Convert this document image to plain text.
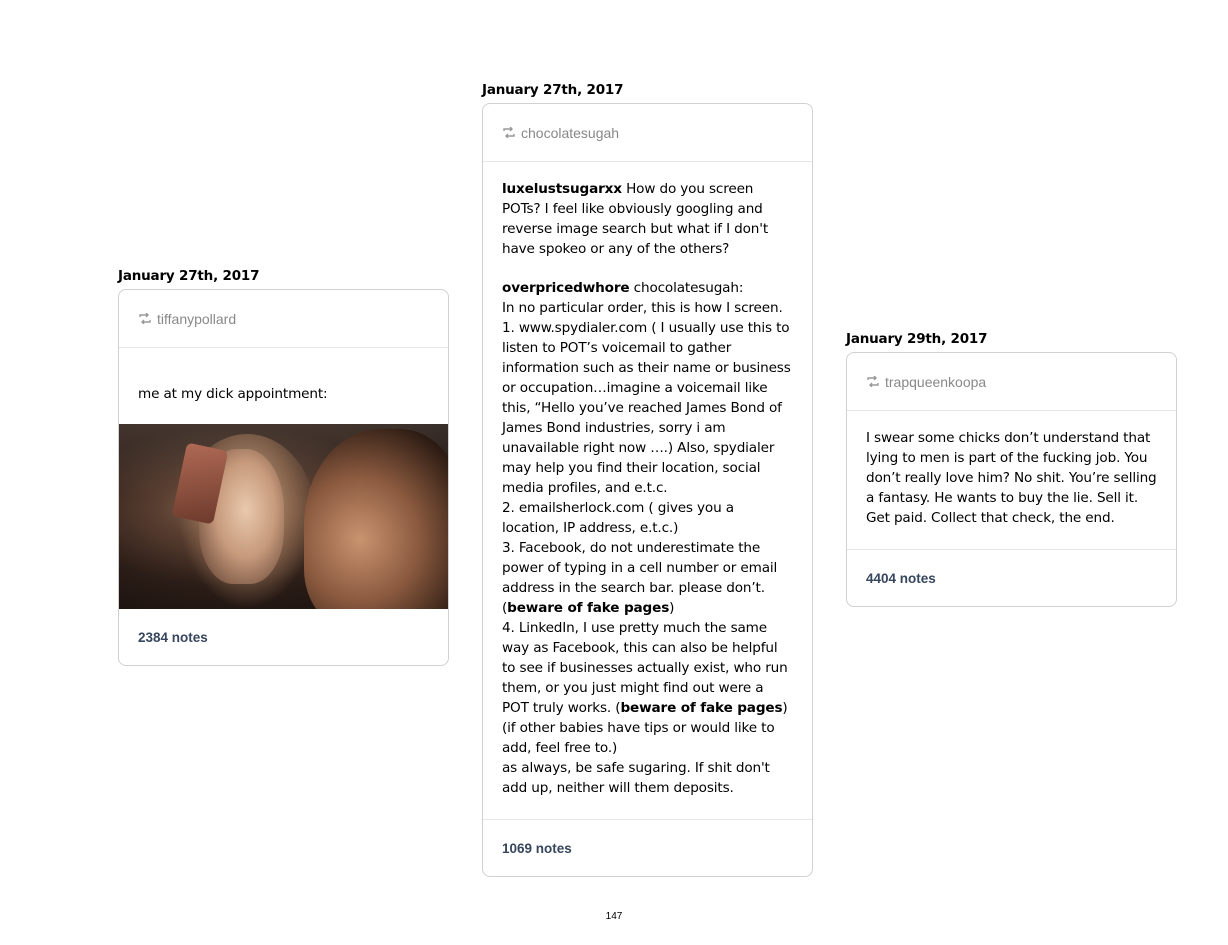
January 27th, 2017
tiffanypollard

me at my dick appointment:

2384 notes
January 27th, 2017
chocolatesugah

luxelustsugarxx How do you screen POTs? I feel like obviously googling and reverse image search but what if I don't have spokeo or any of the others?

overpricedwhore chocolatesugah:

In no particular order, this is how I screen.

1. www.spydialer.com ( I usually use this to listen to POT’s voicemail to gather information such as their name or business or occupation…imagine a voicemail like this, “Hello you’ve reached James Bond of James Bond industries, sorry i am unavailable right now ….) Also, spydialer may help you find their location, social media profiles, and e.t.c.

2. emailsherlock.com ( gives you a location, IP address, e.t.c.)

3. Facebook, do not underestimate the power of typing in a cell number or email address in the search bar. please don’t. (beware of fake pages)

4. LinkedIn, I use pretty much the same way as Facebook, this can also be helpful to see if businesses actually exist, who run them, or you just might find out were a POT truly works. (beware of fake pages)

(if other babies have tips or would like to add, feel free to.)

as always, be safe sugaring. If shit don't add up, neither will them deposits.

1069 notes
January 29th, 2017
trapqueenkoopa

I swear some chicks don’t understand that lying to men is part of the fucking job. You don’t really love him? No shit. You’re selling a fantasy. He wants to buy the lie. Sell it. Get paid. Collect that check, the end.

4404 notes
147
